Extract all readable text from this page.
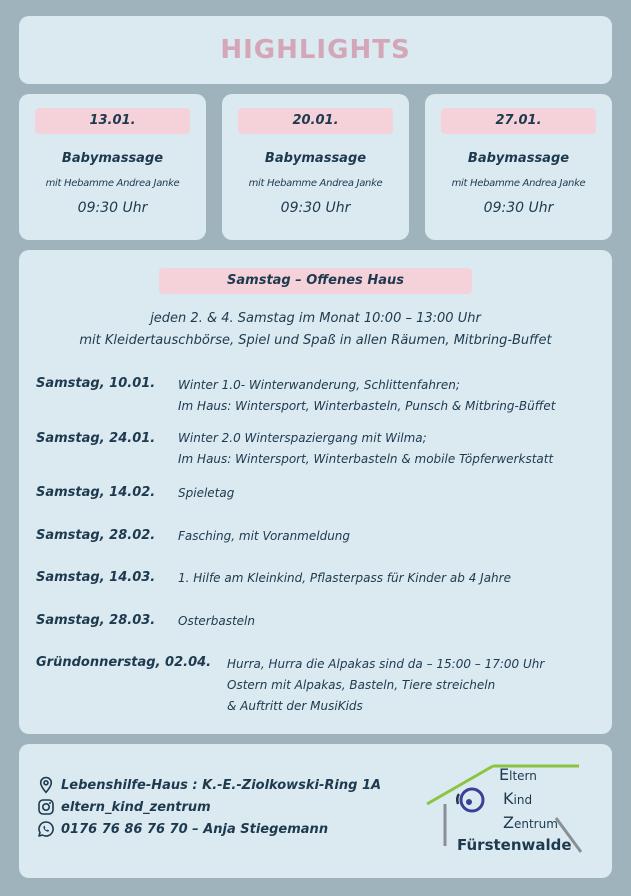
HIGHLIGHTS
13.01.
Babymassage
mit Hebamme Andrea Janke
09:30 Uhr
20.01.
Babymassage
mit Hebamme Andrea Janke
09:30 Uhr
27.01.
Babymassage
mit Hebamme Andrea Janke
09:30 Uhr
Samstag – Offenes Haus
jeden 2. & 4. Samstag im Monat 10:00 – 13:00 Uhr
mit Kleidertauschbörse, Spiel und Spaß in allen Räumen, Mitbring-Buffet
Samstag, 10.01. Winter 1.0- Winterwanderung, Schlittenfahren;
Im Haus: Wintersport, Winterbasteln, Punsch & Mitbring-Büffet
Samstag, 24.01. Winter 2.0 Winterspaziergang mit Wilma;
Im Haus: Wintersport, Winterbasteln & mobile Töpferwerkstatt
Samstag, 14.02. Spieletag
Samstag, 28.02. Fasching, mit Voranmeldung
Samstag, 14.03. 1. Hilfe am Kleinkind, Pflasterpass für Kinder ab 4 Jahre
Samstag, 28.03. Osterbasteln
Gründonnerstag, 02.04. Hurra, Hurra die Alpakas sind da – 15:00 – 17:00 Uhr
Ostern mit Alpakas, Basteln, Tiere streicheln
& Auftritt der MusiKids
Lebenshilfe-Haus : K.-E.-Ziolkowski-Ring 1A
eltern_kind_zentrum
0176 76 86 76 70 – Anja Stiegemann
Eltern
Kind
Zentrum
Fürstenwalde
